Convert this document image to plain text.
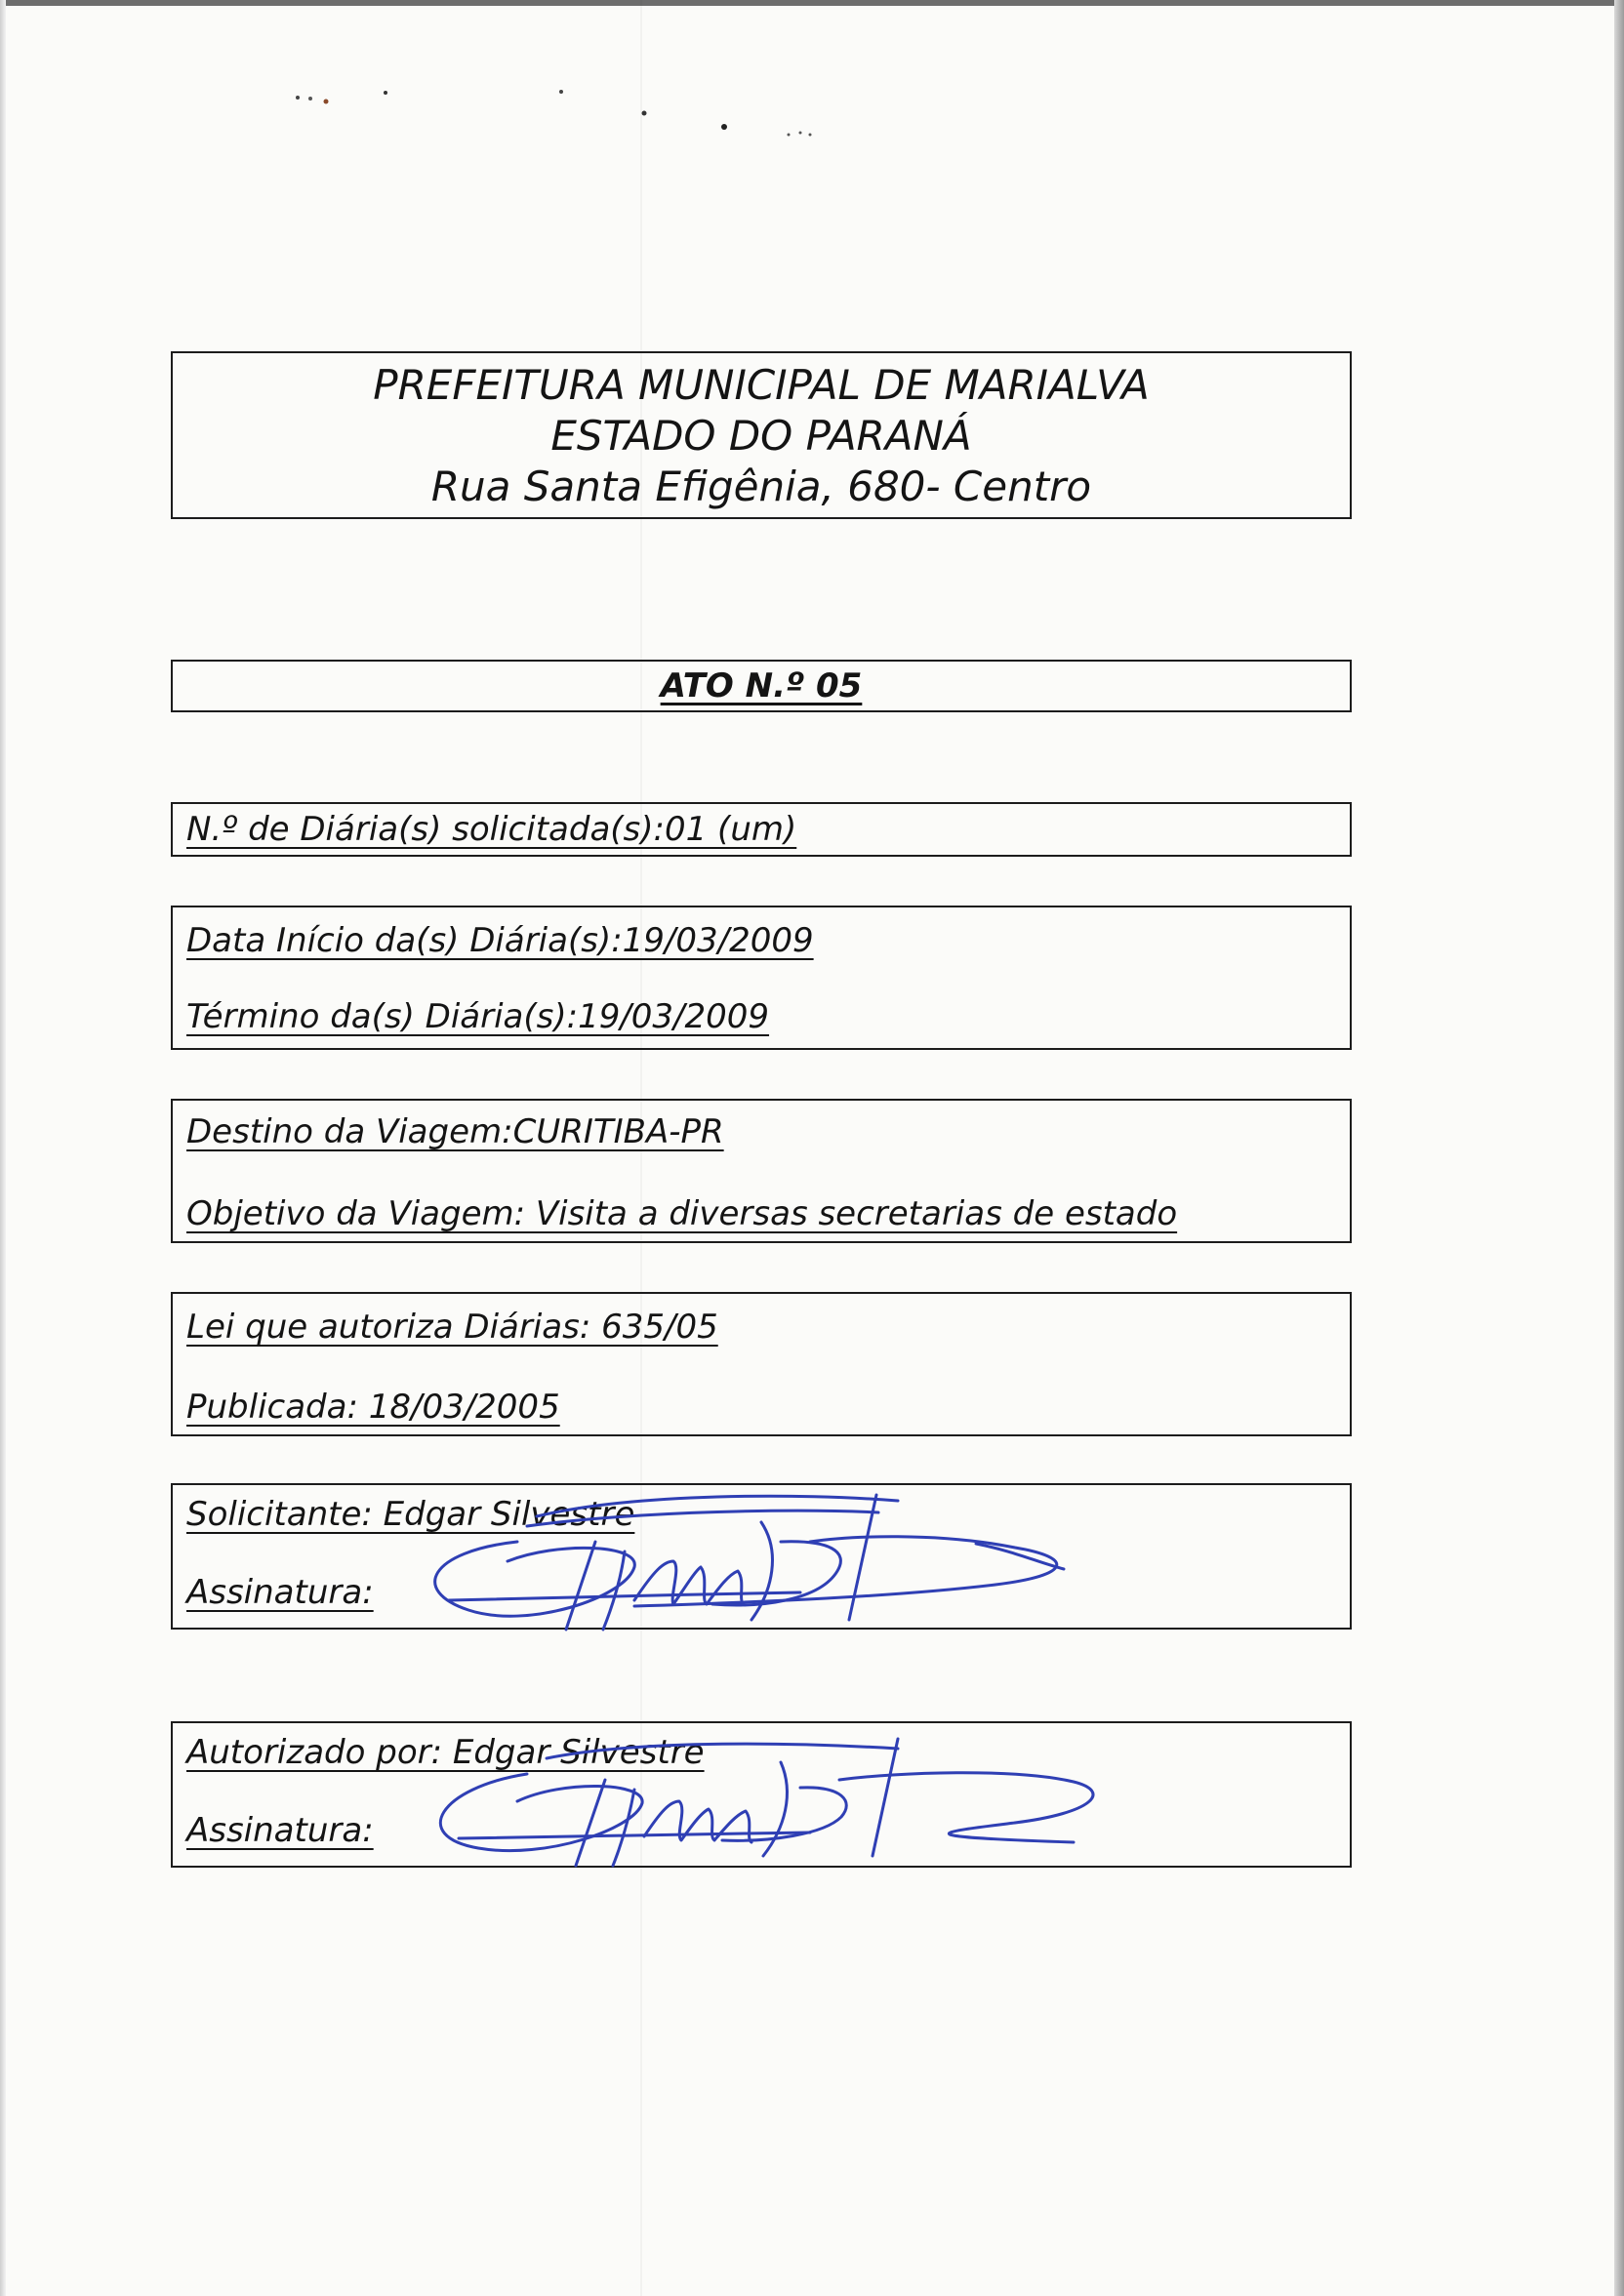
PREFEITURA MUNICIPAL DE MARIALVA
ESTADO DO PARANÁ
Rua Santa Efigênia, 680- Centro
ATO N.º 05
N.º de Diária(s) solicitada(s):01 (um)
Data Início da(s) Diária(s):19/03/2009
Término da(s) Diária(s):19/03/2009
Destino da Viagem:CURITIBA-PR
Objetivo da Viagem: Visita a diversas secretarias de estado
Lei que autoriza Diárias: 635/05
Publicada: 18/03/2005
Solicitante: Edgar Silvestre
Assinatura:
Autorizado por: Edgar Silvestre
Assinatura:
